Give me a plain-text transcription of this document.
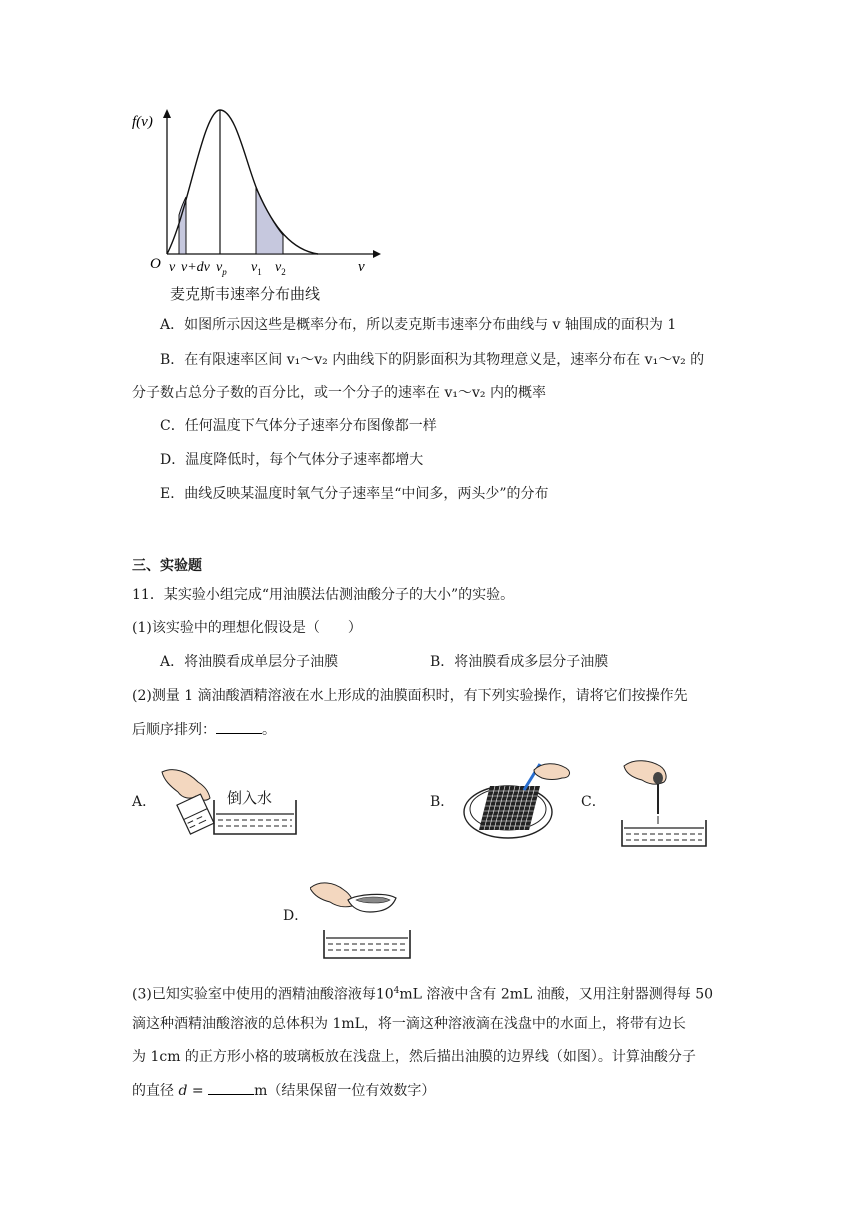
f(v)
O v v+dv $v_p$ $v_1$ $v_2$	v
麦克斯韦速率分布曲线
A．如图所示因这些是概率分布，所以麦克斯韦速率分布曲线与 v 轴围成的面积为 1
B．在有限速率区间 v₁～v₂ 内曲线下的阴影面积为其物理意义是，速率分布在 v₁～v₂ 的
分子数占总分子数的百分比，或一个分子的速率在 v₁～v₂ 内的概率
C．任何温度下气体分子速率分布图像都一样
D．温度降低时，每个气体分子速率都增大
E．曲线反映某温度时氧气分子速率呈“中间多，两头少”的分布
三、实验题
11．某实验小组完成“用油膜法估测油酸分子的大小”的实验。
(1)该实验中的理想化假设是（　　）
A．将油膜看成单层分子油膜	B．将油膜看成多层分子油膜
(2)测量 1 滴油酸酒精溶液在水上形成的油膜面积时，有下列实验操作，请将它们按操作先
后顺序排列：	。
A．	倒入水	B．	C．
D．
(3)已知实验室中使用的酒精油酸溶液每$10^4mL$ 溶液中含有 2mL 油酸，又用注射器测得每 50
滴这种酒精油酸溶液的总体积为 1mL，将一滴这种溶液滴在浅盘中的水面上，将带有边长
为 1cm 的正方形小格的玻璃板放在浅盘上，然后描出油膜的边界线（如图）。计算油酸分子
的直径 d =	m（结果保留一位有效数字）
